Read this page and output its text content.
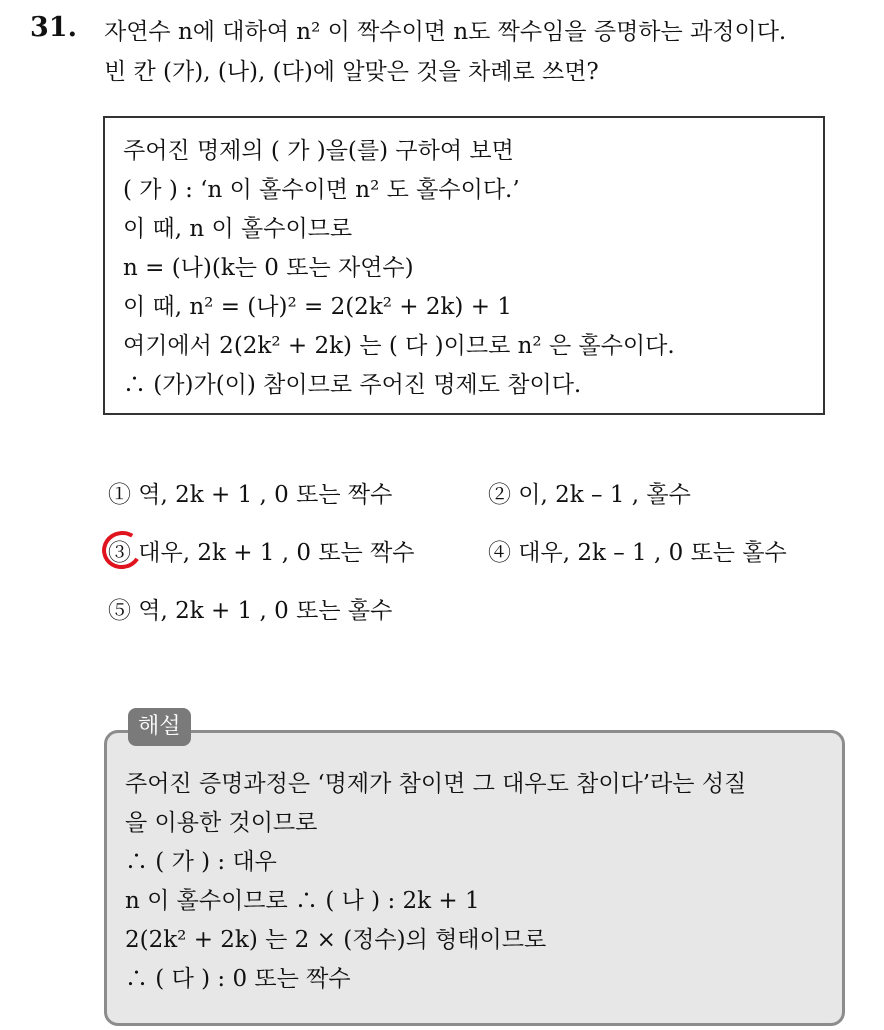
31. 자연수 n에 대하여 n² 이 짝수이면 n도 짝수임을 증명하는 과정이다.
빈 칸 (가), (나), (다)에 알맞은 것을 차례로 쓰면?
주어진 명제의 ( 가 )을(를) 구하여 보면
( 가 ) : ‘n 이 홀수이면 n² 도 홀수이다.’
이 때, n 이 홀수이므로
n = (나)(k는 0 또는 자연수)
이 때, n² = (나)² = 2(2k² + 2k) + 1
여기에서 2(2k² + 2k) 는 ( 다 )이므로 n² 은 홀수이다.
∴ (가)가(이) 참이므로 주어진 명제도 참이다.
① 역, 2k + 1 , 0 또는 짝수	② 이, 2k – 1 , 홀수
③ 대우, 2k + 1 , 0 또는 짝수	④ 대우, 2k – 1 , 0 또는 홀수
⑤ 역, 2k + 1 , 0 또는 홀수
주어진 증명과정은 ‘명제가 참이면 그 대우도 참이다’라는 성질
을 이용한 것이므로
∴ ( 가 ) : 대우
n 이 홀수이므로 ∴ ( 나 ) : 2k + 1
2(2k² + 2k) 는 2 × (정수)의 형태이므로
∴ ( 다 ) : 0 또는 짝수
해설
